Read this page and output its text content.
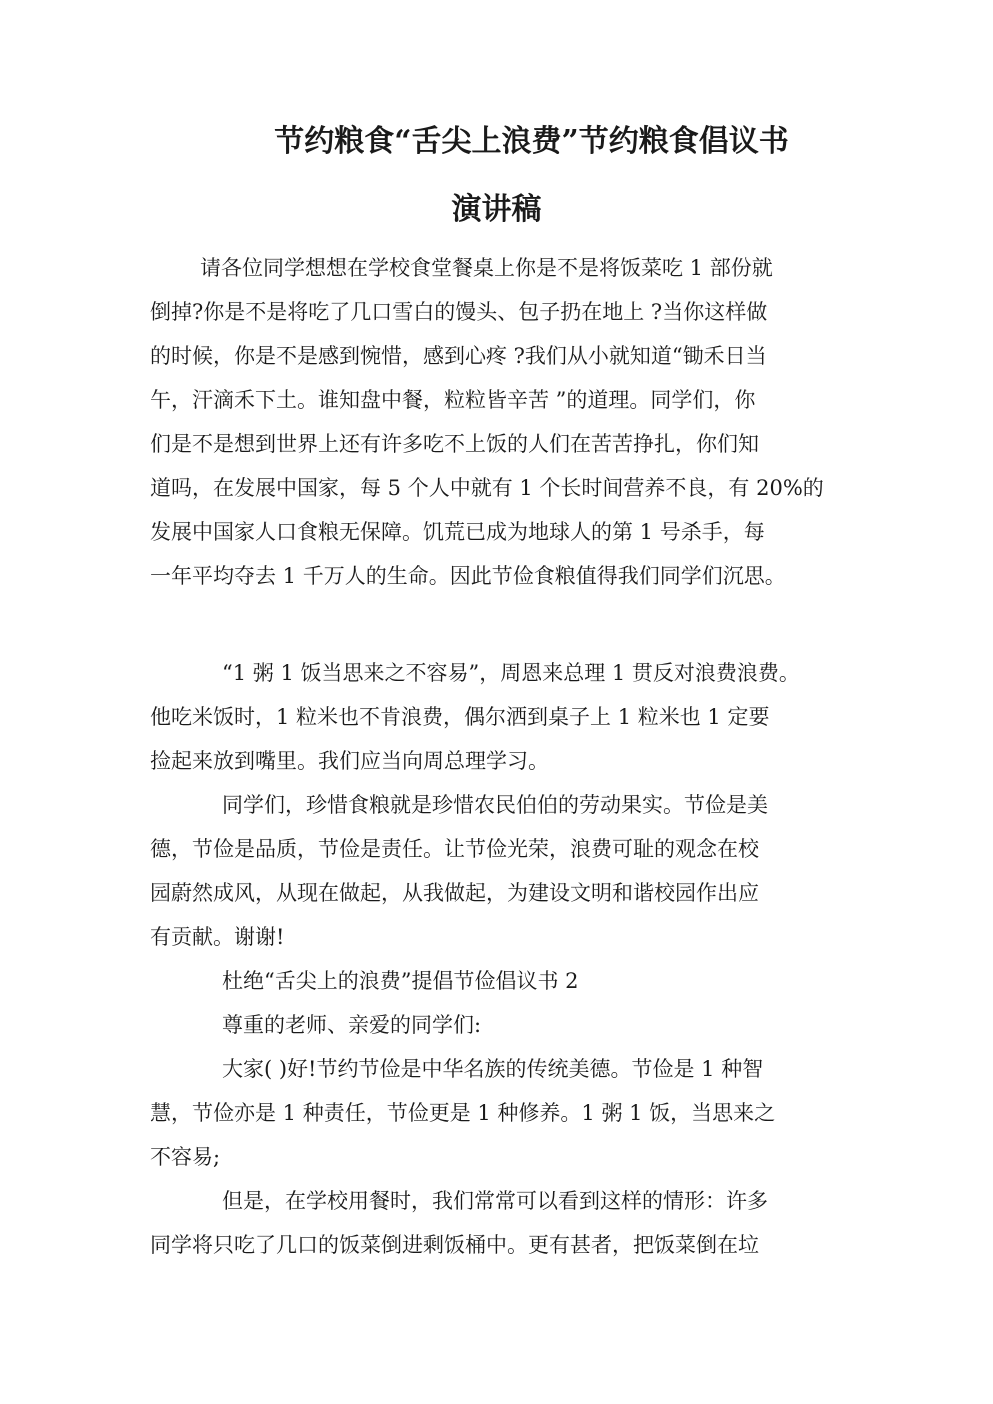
节约粮食“舌尖上浪费”节约粮食倡议书
演讲稿
请各位同学想想在学校食堂餐桌上你是不是将饭菜吃 1 部份就
倒掉?你是不是将吃了几口雪白的馒头、包子扔在地上 ?当你这样做
的时候，你是不是感到惋惜，感到心疼 ?我们从小就知道“锄禾日当
午，汗滴禾下土。谁知盘中餐，粒粒皆辛苦 ”的道理。同学们，你
们是不是想到世界上还有许多吃不上饭的人们在苦苦挣扎，你们知
道吗，在发展中国家，每 5 个人中就有 1 个长时间营养不良，有 20%的
发展中国家人口食粮无保障。饥荒已成为地球人的第 1 号杀手，每
一年平均夺去 1 千万人的生命。因此节俭食粮值得我们同学们沉思。
“1 粥 1 饭当思来之不容易”，周恩来总理 1 贯反对浪费浪费。
他吃米饭时，1 粒米也不肯浪费，偶尔洒到桌子上 1 粒米也 1 定要
捡起来放到嘴里。我们应当向周总理学习。
同学们，珍惜食粮就是珍惜农民伯伯的劳动果实。节俭是美
德，节俭是品质，节俭是责任。让节俭光荣，浪费可耻的观念在校
园蔚然成风，从现在做起，从我做起，为建设文明和谐校园作出应
有贡献。谢谢!
杜绝“舌尖上的浪费”提倡节俭倡议书 2
尊重的老师、亲爱的同学们:
大家( )好!节约节俭是中华名族的传统美德。节俭是 1 种智
慧，节俭亦是 1 种责任，节俭更是 1 种修养。1 粥 1 饭，当思来之
不容易;
但是，在学校用餐时，我们常常可以看到这样的情形：许多
同学将只吃了几口的饭菜倒进剩饭桶中。更有甚者，把饭菜倒在垃
